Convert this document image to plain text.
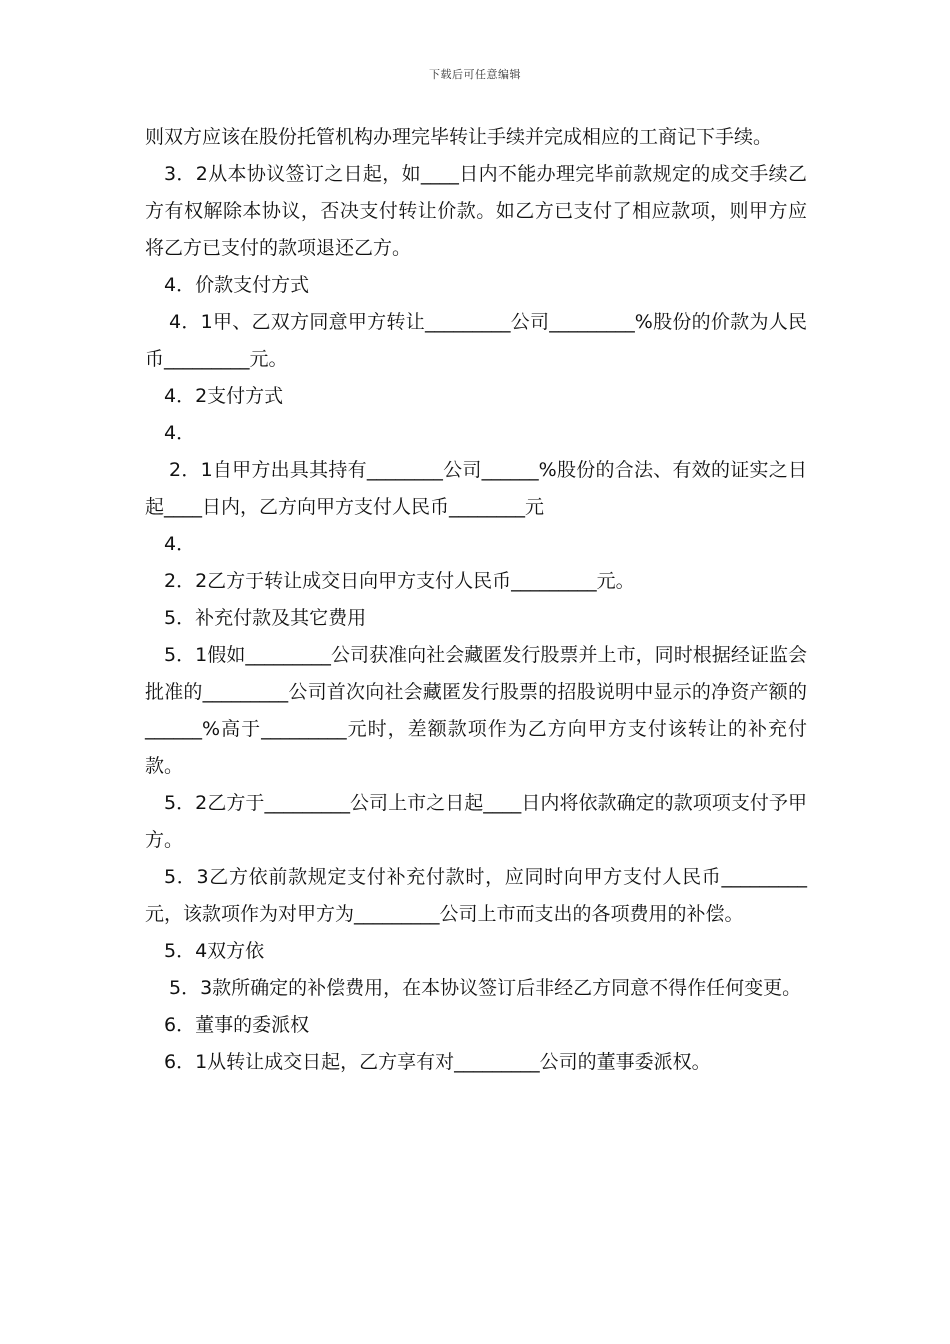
下载后可任意编辑

则双方应该在股份托管机构办理完毕转让手续并完成相应的工商记下手续。

3．2从本协议签订之日起，如____日内不能办理完毕前款规定的成交手续乙方有权解除本协议，否决支付转让价款。如乙方已支付了相应款项，则甲方应将乙方已支付的款项退还乙方。

4．价款支付方式

4．1甲、乙双方同意甲方转让_________公司_________%股份的价款为人民币_________元。

4．2支付方式

4．

2．1自甲方出具其持有________公司______%股份的合法、有效的证实之日起____日内，乙方向甲方支付人民币________元

4．

2．2乙方于转让成交日向甲方支付人民币_________元。

5．补充付款及其它费用

5．1假如_________公司获准向社会藏匿发行股票并上市，同时根据经证监会批准的_________公司首次向社会藏匿发行股票的招股说明中显示的净资产额的______%高于_________元时，差额款项作为乙方向甲方支付该转让的补充付款。

5．2乙方于_________公司上市之日起____日内将依款确定的款项项支付予甲方。

5．3乙方依前款规定支付补充付款时，应同时向甲方支付人民币_________元，该款项作为对甲方为_________公司上市而支出的各项费用的补偿。

5．4双方依

5．3款所确定的补偿费用，在本协议签订后非经乙方同意不得作任何变更。

6．董事的委派权

6．1从转让成交日起，乙方享有对_________公司的董事委派权。
